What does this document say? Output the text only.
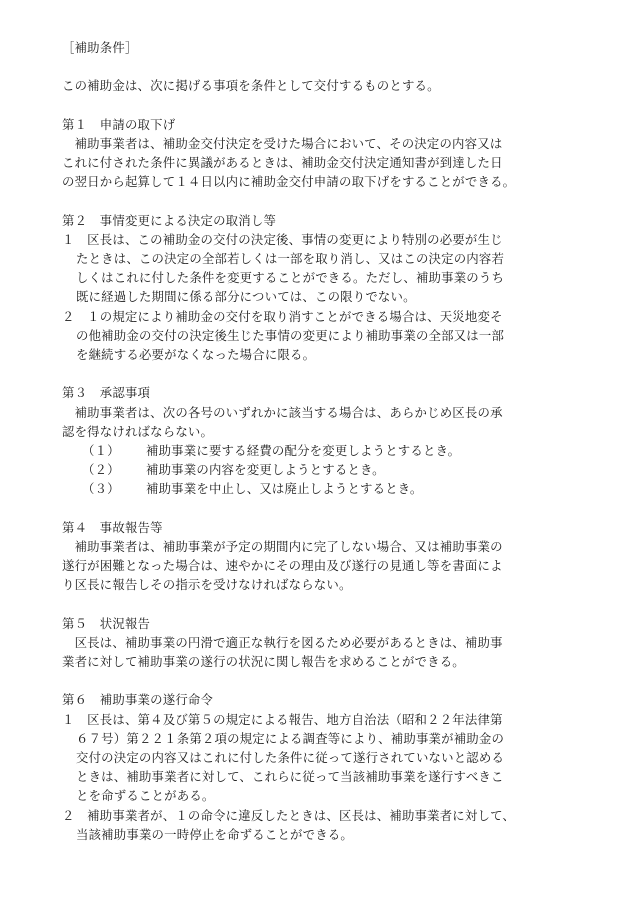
［補助条件］
この補助金は、次に掲げる事項を条件として交付するものとする。
第１　申請の取下げ
　補助事業者は、補助金交付決定を受けた場合において、その決定の内容又は
これに付された条件に異議があるときは、補助金交付決定通知書が到達した日
の翌日から起算して１４日以内に補助金交付申請の取下げをすることができる。
第２　事情変更による決定の取消し等
１　区長は、この補助金の交付の決定後、事情の変更により特別の必要が生じ
たときは、この決定の全部若しくは一部を取り消し、又はこの決定の内容若
しくはこれに付した条件を変更することができる。ただし、補助事業のうち
既に経過した期間に係る部分については、この限りでない。
２　１の規定により補助金の交付を取り消すことができる場合は、天災地変そ
の他補助金の交付の決定後生じた事情の変更により補助事業の全部又は一部
を継続する必要がなくなった場合に限る。
第３　承認事項
　補助事業者は、次の各号のいずれかに該当する場合は、あらかじめ区長の承
認を得なければならない。
（１）	補助事業に要する経費の配分を変更しようとするとき。
（２）	補助事業の内容を変更しようとするとき。
（３）	補助事業を中止し、又は廃止しようとするとき。
第４　事故報告等
　補助事業者は、補助事業が予定の期間内に完了しない場合、又は補助事業の
遂行が困難となった場合は、速やかにその理由及び遂行の見通し等を書面によ
り区長に報告しその指示を受けなければならない。
第５　状況報告
　区長は、補助事業の円滑で適正な執行を図るため必要があるときは、補助事
業者に対して補助事業の遂行の状況に関し報告を求めることができる。
第６　補助事業の遂行命令
１　区長は、第４及び第５の規定による報告、地方自治法（昭和２２年法律第
６７号）第２２１条第２項の規定による調査等により、補助事業が補助金の
交付の決定の内容又はこれに付した条件に従って遂行されていないと認める
ときは、補助事業者に対して、これらに従って当該補助事業を遂行すべきこ
とを命ずることがある。
２　補助事業者が、１の命令に違反したときは、区長は、補助事業者に対して、
当該補助事業の一時停止を命ずることができる。
